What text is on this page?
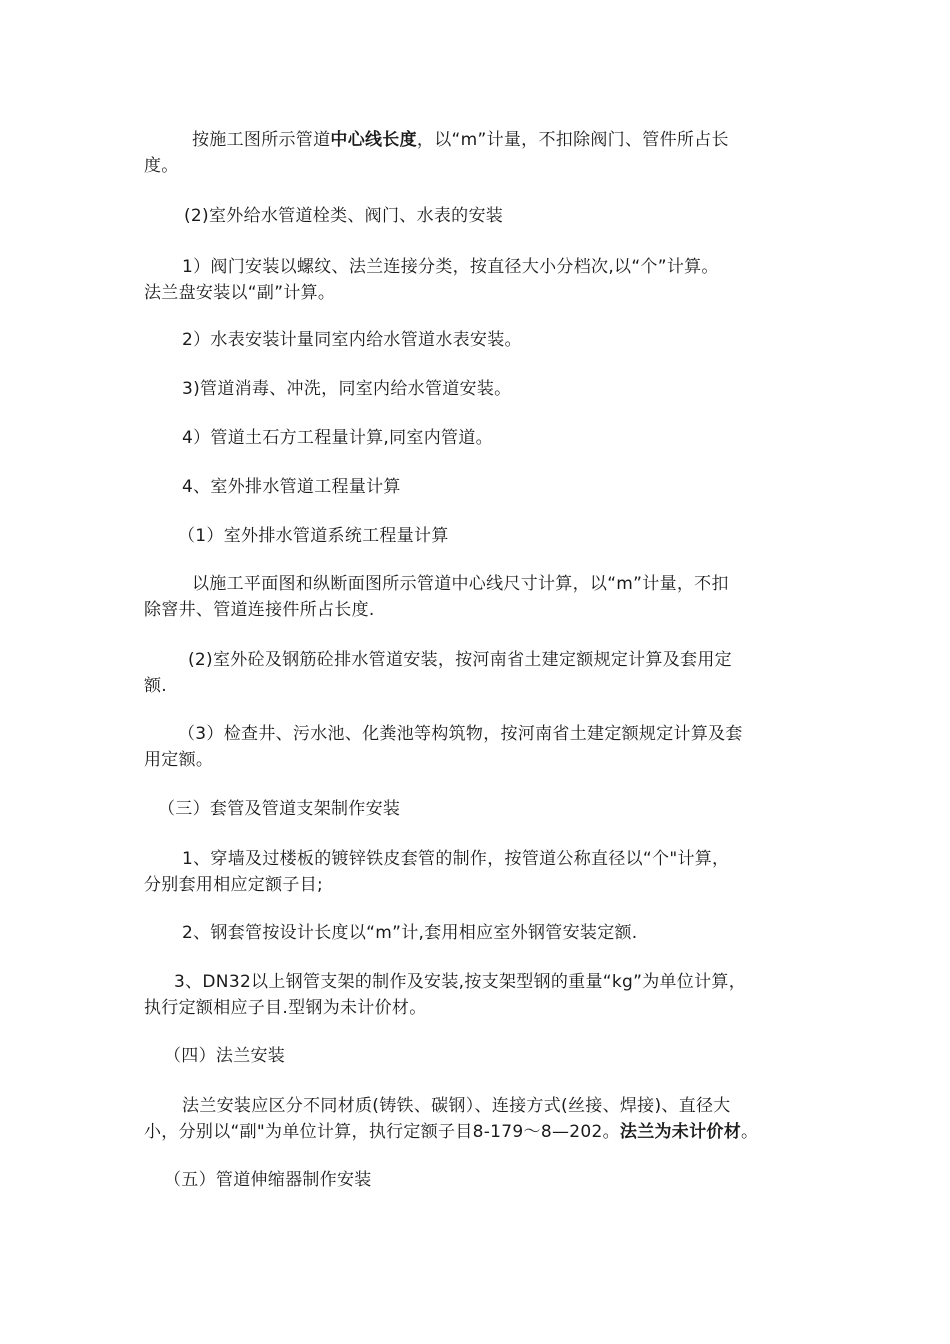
按施工图所示管道中心线长度，以“m”计量，不扣除阀门、管件所占长
度。

(2)室外给水管道栓类、阀门、水表的安装

1）阀门安装以螺纹、法兰连接分类，按直径大小分档次,以“个”计算。
法兰盘安装以“副”计算。

2）水表安装计量同室内给水管道水表安装。

3)管道消毒、冲洗，同室内给水管道安装。

4）管道土石方工程量计算,同室内管道。

4、室外排水管道工程量计算

（1）室外排水管道系统工程量计算

以施工平面图和纵断面图所示管道中心线尺寸计算，以“m”计量，不扣
除窨井、管道连接件所占长度.

(2)室外砼及钢筋砼排水管道安装，按河南省土建定额规定计算及套用定
额.

（3）检查井、污水池、化粪池等构筑物，按河南省土建定额规定计算及套
用定额。

（三）套管及管道支架制作安装

1、穿墙及过楼板的镀锌铁皮套管的制作，按管道公称直径以“个"计算，
分别套用相应定额子目;

2、钢套管按设计长度以“m”计,套用相应室外钢管安装定额.

3、DN32以上钢管支架的制作及安装,按支架型钢的重量“kg”为单位计算，
执行定额相应子目.型钢为未计价材。

（四）法兰安装

法兰安装应区分不同材质(铸铁、碳钢）、连接方式(丝接、焊接)、直径大
小，分别以“副"为单位计算，执行定额子目8-179～8—202。法兰为未计价材。

（五）管道伸缩器制作安装
